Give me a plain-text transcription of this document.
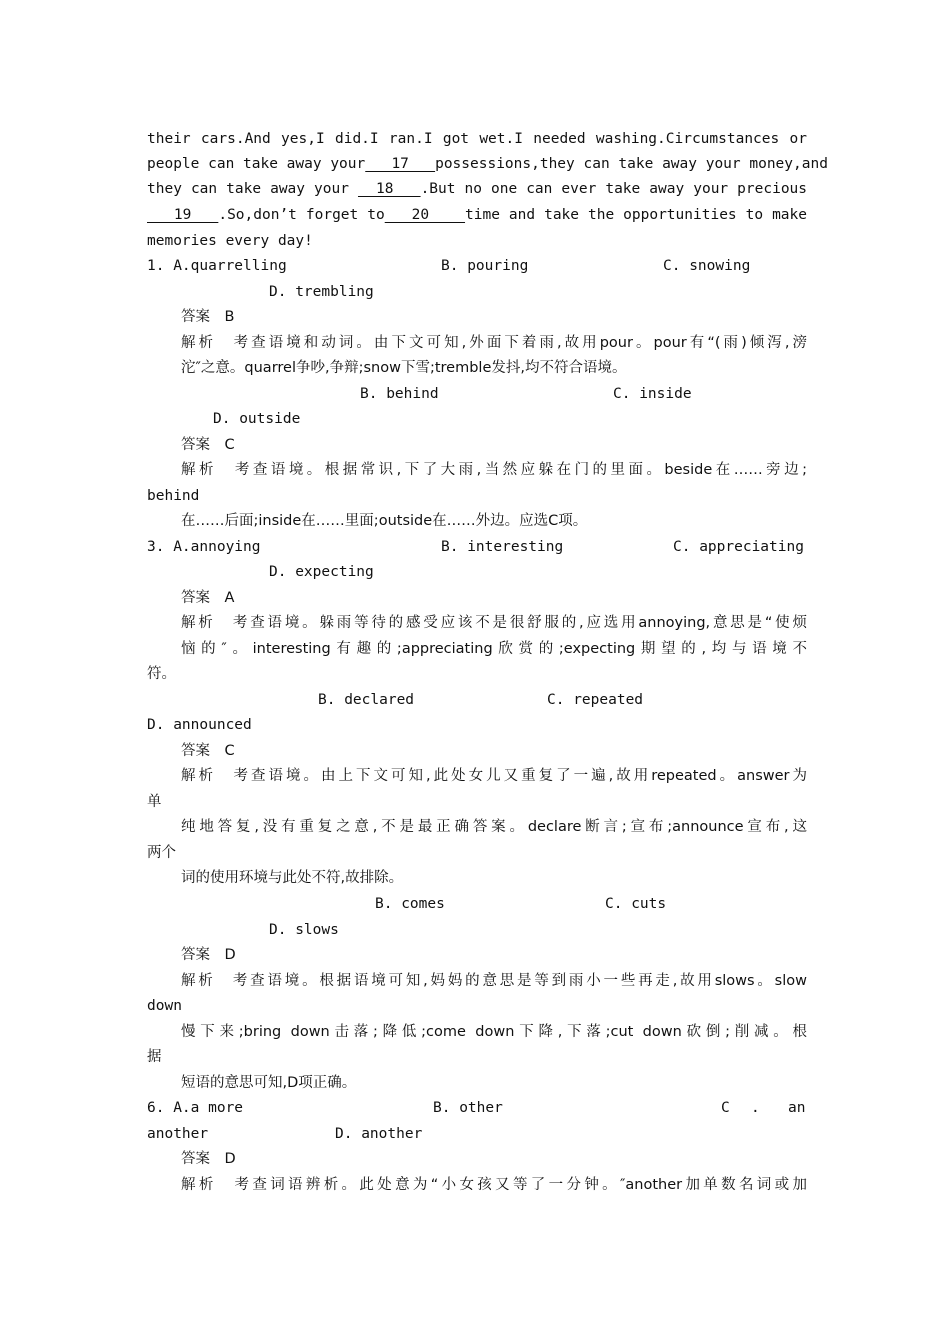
their cars.And yes,I did.I ran.I got wet.I needed washing.Circumstances or
people can take away your   17   possessions,they can take away your money,and
they can take away your   18   .But no one can ever take away your precious
19   .So,don’t forget to   20    time and take the opportunities to make
memories every day!
1. A.quarrelling	B. pouring	C. snowing
D. trembling
答案　B
解析　考查语境和动词。由下文可知,外面下着雨,故用pour。pour有“(雨)倾泻,滂
沱″之意。quarrel争吵,争辩;snow下雪;tremble发抖,均不符合语境。
B. behind	C. inside
D. outside
答案　C
解析　考查语境。根据常识,下了大雨,当然应躲在门的里面。beside在……旁边;
behind
在……后面;inside在……里面;outside在……外边。应选C项。
3. A.annoying	B. interesting	C. appreciating
D. expecting
答案　A
解析　考查语境。躲雨等待的感受应该不是很舒服的,应选用annoying,意思是“使烦
恼的″。interesting有趣的;appreciating欣赏的;expecting期望的,均与语境不
符。
B. declared	C. repeated
D. announced
答案　C
解析　考查语境。由上下文可知,此处女儿又重复了一遍,故用repeated。answer为
单
纯地答复,没有重复之意,不是最正确答案。declare断言;宣布;announce宣布,这
两个
词的使用环境与此处不符,故排除。
B. comes	C. cuts
D. slows
答案　D
解析　考查语境。根据语境可知,妈妈的意思是等到雨小一些再走,故用slows。slow
down
慢下来;bring down击落;降低;come down下降,下落;cut down砍倒;削减。根
据
短语的意思可知,D项正确。
6. A.a more	B. other	C . an
another	D. another
答案　D
解析　考查词语辨析。此处意为“小女孩又等了一分钟。″another加单数名词或加
